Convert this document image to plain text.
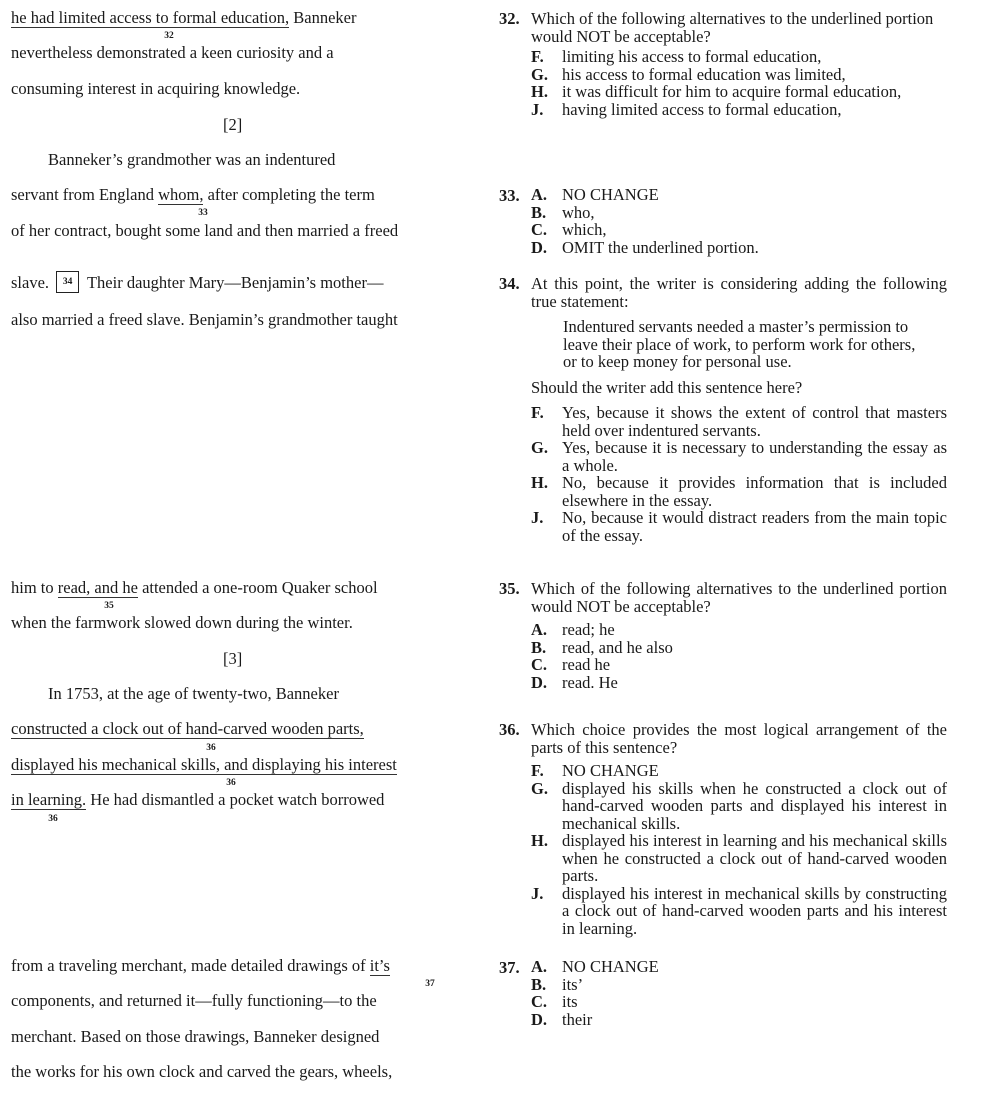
he had limited access to formal education, Banneker
32
nevertheless demonstrated a keen curiosity and a
consuming interest in acquiring knowledge.
[2]
Banneker’s grandmother was an indentured
servant from England whom, after completing the term
33
of her contract, bought some land and then married a freed
slave. 34 Their daughter Mary—Benjamin’s mother—
also married a freed slave. Benjamin’s grandmother taught
him to read, and he attended a one-room Quaker school
35
when the farmwork slowed down during the winter.
[3]
In 1753, at the age of twenty-two, Banneker
constructed a clock out of hand-carved wooden parts,
36
displayed his mechanical skills, and displaying his interest
36
in learning. He had dismantled a pocket watch borrowed
36
from a traveling merchant, made detailed drawings of it’s
37
components, and returned it—fully functioning—to the
merchant. Based on those drawings, Banneker designed
the works for his own clock and carved the gears, wheels,
32. Which of the following alternatives to the underlined portion would NOT be acceptable?
F.	limiting his access to formal education,
G. his access to formal education was limited,
H. it was difficult for him to acquire formal education,
J.	having limited access to formal education,
33. A. NO CHANGE
B. who,
C. which,
D. OMIT the underlined portion.
34. At this point, the writer is considering adding the following true statement:
Indentured servants needed a master’s permission to leave their place of work, to perform work for others, or to keep money for personal use.
Should the writer add this sentence here?
F.	Yes, because it shows the extent of control that masters held over indentured servants.
G. Yes, because it is necessary to understanding the essay as a whole.
H. No, because it provides information that is included elsewhere in the essay.
J.	No, because it would distract readers from the main topic of the essay.
35. Which of the following alternatives to the underlined portion would NOT be acceptable?
A. read; he
B. read, and he also
C. read he
D. read. He
36. Which choice provides the most logical arrangement of the parts of this sentence?
F.	NO CHANGE
G. displayed his skills when he constructed a clock out of hand-carved wooden parts and displayed his interest in mechanical skills.
H. displayed his interest in learning and his mechanical skills when he constructed a clock out of hand-carved wooden parts.
J.	displayed his interest in mechanical skills by constructing a clock out of hand-carved wooden parts and his interest in learning.
37. A. NO CHANGE
B. its’
C. its
D. their
